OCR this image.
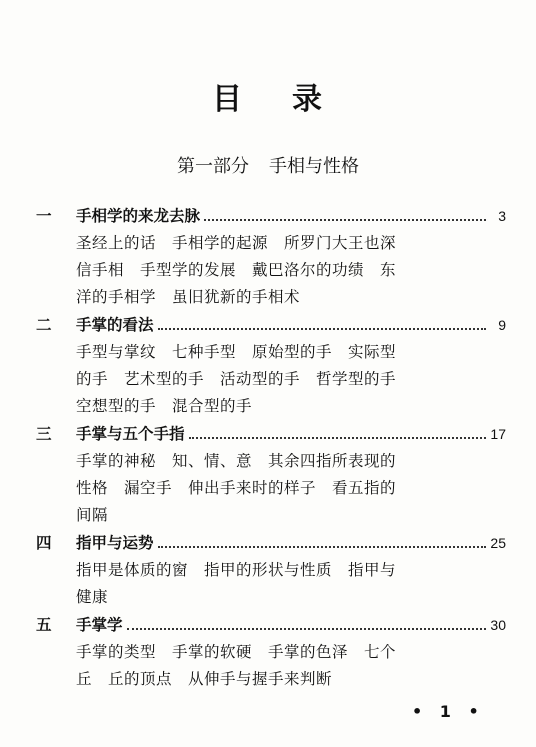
目 录
第一部分 手相与性格
一	手相学的来龙去脉	3
圣经上的话　手相学的起源　所罗门大王也深
信手相　手型学的发展　戴巴洛尔的功绩　东
洋的手相学　虽旧犹新的手相术
二	手掌的看法	9
手型与掌纹　七种手型　原始型的手　实际型
的手　艺术型的手　活动型的手　哲学型的手
空想型的手　混合型的手
三	手掌与五个手指	17
手掌的神秘　知、情、意　其余四指所表现的
性格　漏空手　伸出手来时的样子　看五指的
间隔
四	指甲与运势	25
指甲是体质的窗　指甲的形状与性质　指甲与
健康
五	手掌学	30
手掌的类型　手掌的软硬　手掌的色泽　七个
丘　丘的顶点　从伸手与握手来判断
• 1 •
